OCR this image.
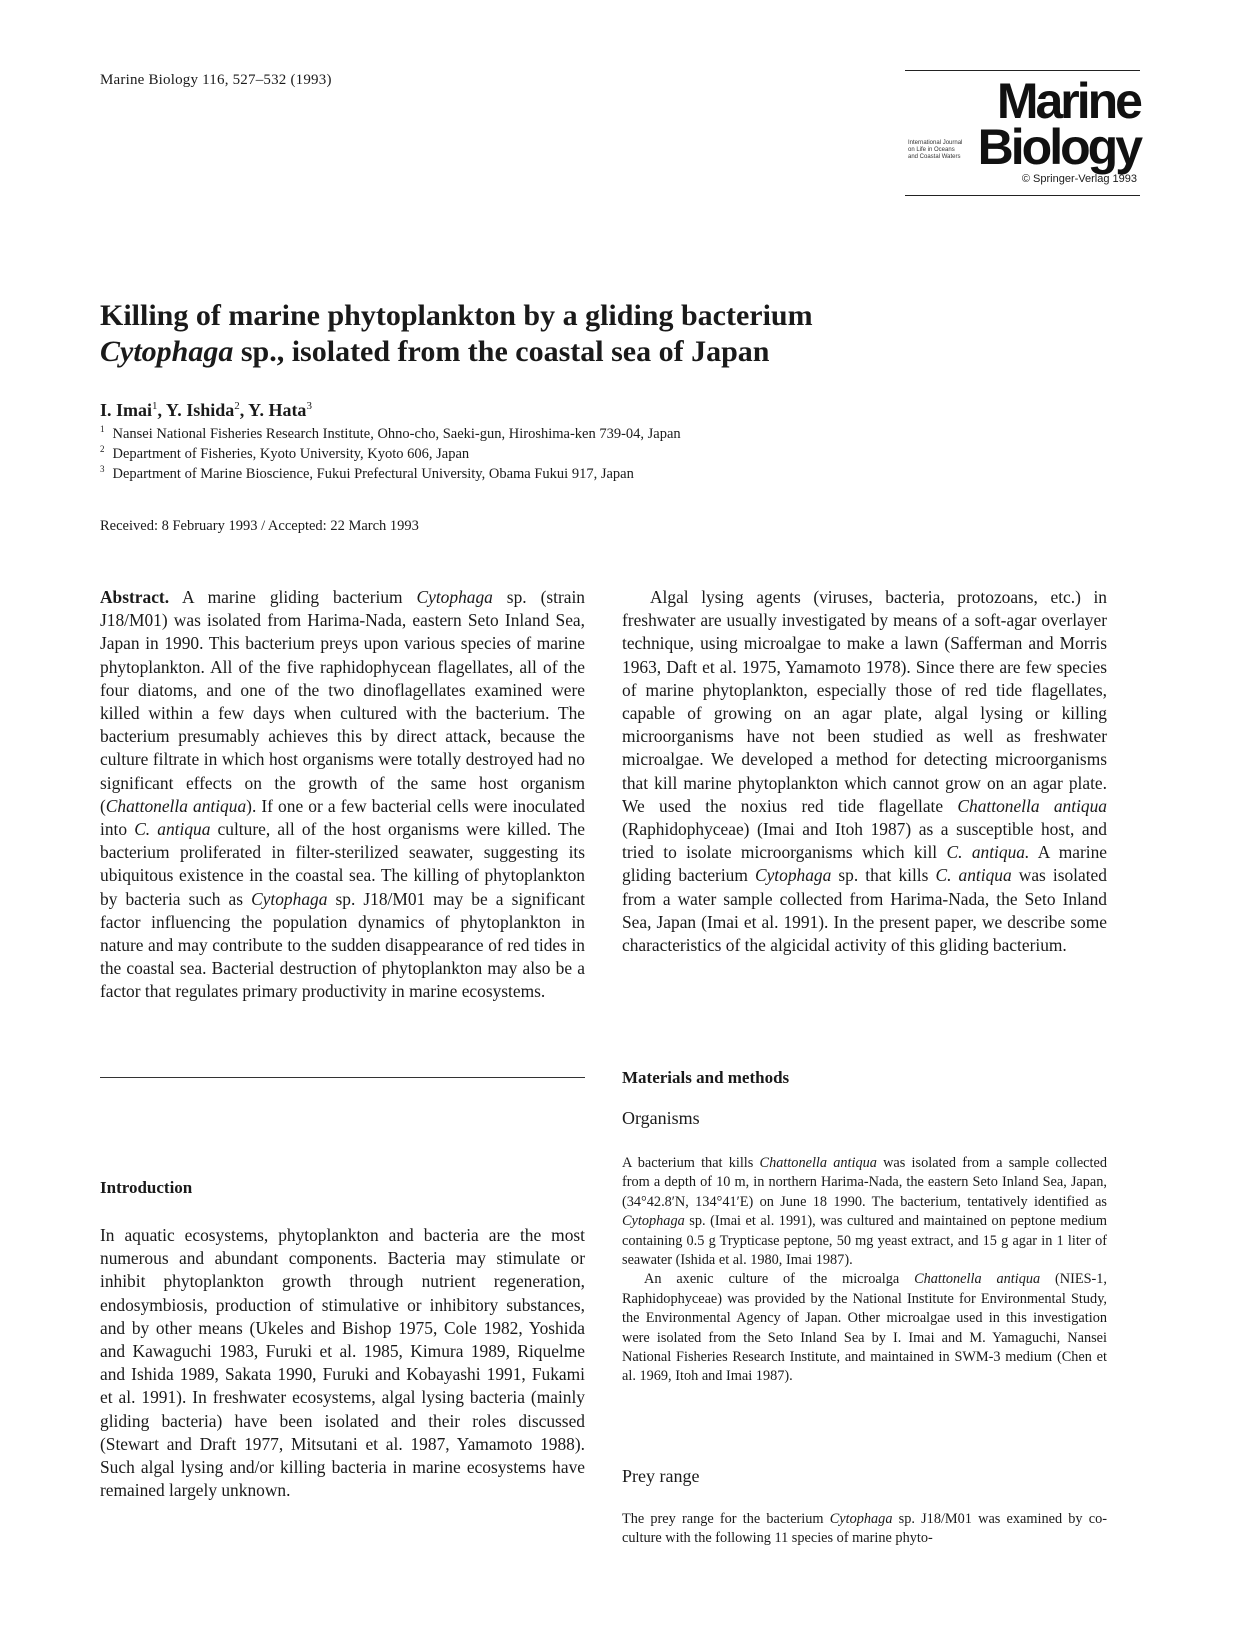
Marine Biology 116, 527–532 (1993)	Marine
International Journal
on Life in Oceans
and Coastal Waters Biology
© Springer-Verlag 1993
Killing of marine phytoplankton by a gliding bacterium
Cytophaga sp., isolated from the coastal sea of Japan
I. Imai$^1$, Y. Ishida$^2$, Y. Hata$^3$
$^1$ Nansei National Fisheries Research Institute, Ohno-cho, Saeki-gun, Hiroshima-ken 739-04, Japan
$^2$ Department of Fisheries, Kyoto University, Kyoto 606, Japan
$^3$ Department of Marine Bioscience, Fukui Prefectural University, Obama Fukui 917, Japan
Received: 8 February 1993 / Accepted: 22 March 1993

Abstract. A marine gliding bacterium Cytophaga sp. (strain J18/M01) was isolated from Harima-Nada, eastern Seto Inland Sea, Japan in 1990. This bacterium preys upon various species of marine phytoplankton. All of the five raphidophycean flagellates, all of the four diatoms, and one of the two dinoflagellates examined were killed within a few days when cultured with the bacterium. The bacterium presumably achieves this by direct attack, because the culture filtrate in which host organisms were totally destroyed had no significant effects on the growth of the same host organism (Chattonella antiqua). If one or a few bacterial cells were inoculated into C. antiqua culture, all of the host organisms were killed. The bacterium proliferated in filter-sterilized seawater, suggesting its ubiquitous existence in the coastal sea. The killing of phytoplankton by bacteria such as Cytophaga sp. J18/M01 may be a significant factor influencing the population dynamics of phytoplankton in nature and may contribute to the sudden disappearance of red tides in the coastal sea. Bacterial destruction of phytoplankton may also be a factor that regulates primary productivity in marine ecosystems.

Introduction

In aquatic ecosystems, phytoplankton and bacteria are the most numerous and abundant components. Bacteria may stimulate or inhibit phytoplankton growth through nutrient regeneration, endosymbiosis, production of stimulative or inhibitory substances, and by other means (Ukeles and Bishop 1975, Cole 1982, Yoshida and Kawaguchi 1983, Furuki et al. 1985, Kimura 1989, Riquelme and Ishida 1989, Sakata 1990, Furuki and Kobayashi 1991, Fukami et al. 1991). In freshwater ecosystems, algal lysing bacteria (mainly gliding bacteria) have been isolated and their roles discussed (Stewart and Draft 1977, Mitsutani et al. 1987, Yamamoto 1988). Such algal lysing and/or killing bacteria in marine ecosystems have remained largely unknown.

Algal lysing agents (viruses, bacteria, protozoans, etc.) in freshwater are usually investigated by means of a soft-agar overlayer technique, using microalgae to make a lawn (Safferman and Morris 1963, Daft et al. 1975, Yamamoto 1978). Since there are few species of marine phytoplankton, especially those of red tide flagellates, capable of growing on an agar plate, algal lysing or killing microorganisms have not been studied as well as freshwater microalgae. We developed a method for detecting microorganisms that kill marine phytoplankton which cannot grow on an agar plate. We used the noxius red tide flagellate Chattonella antiqua (Raphidophyceae) (Imai and Itoh 1987) as a susceptible host, and tried to isolate microorganisms which kill C. antiqua. A marine gliding bacterium Cytophaga sp. that kills C. antiqua was isolated from a water sample collected from Harima-Nada, the Seto Inland Sea, Japan (Imai et al. 1991). In the present paper, we describe some characteristics of the algicidal activity of this gliding bacterium.

Materials and methods
Organisms

A bacterium that kills Chattonella antiqua was isolated from a sample collected from a depth of 10 m, in northern Harima-Nada, the eastern Seto Inland Sea, Japan, (34°42.8′N, 134°41′E) on June 18 1990. The bacterium, tentatively identified as Cytophaga sp. (Imai et al. 1991), was cultured and maintained on peptone medium containing 0.5 g Trypticase peptone, 50 mg yeast extract, and 15 g agar in 1 liter of seawater (Ishida et al. 1980, Imai 1987).

An axenic culture of the microalga Chattonella antiqua (NIES-1, Raphidophyceae) was provided by the National Institute for Environmental Study, the Environmental Agency of Japan. Other microalgae used in this investigation were isolated from the Seto Inland Sea by I. Imai and M. Yamaguchi, Nansei National Fisheries Research Institute, and maintained in SWM-3 medium (Chen et al. 1969, Itoh and Imai 1987).

Prey range

The prey range for the bacterium Cytophaga sp. J18/M01 was examined by co-culture with the following 11 species of marine phyto-
